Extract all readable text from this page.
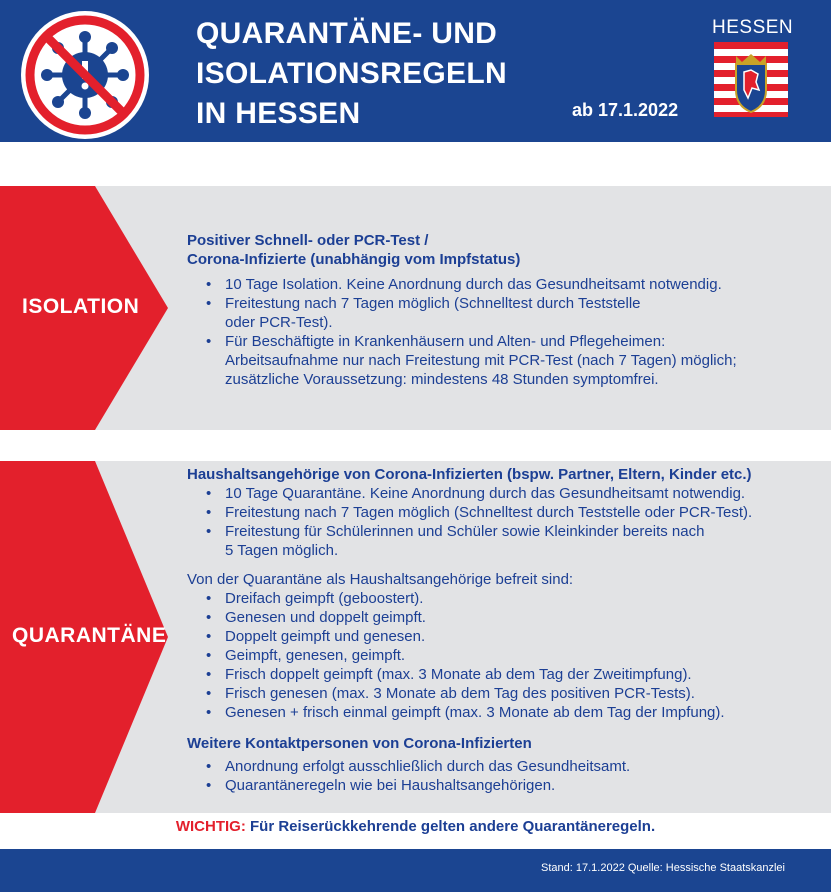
QUARANTÄNE- UND
ISOLATIONSREGELN
IN HESSEN	ab 17.1.2022
HESSEN
ISOLATION
Positiver Schnell- oder PCR-Test /
Corona-Infizierte (unabhängig vom Impfstatus)
• 10 Tage Isolation. Keine Anordnung durch das Gesundheitsamt notwendig.
• Freitestung nach 7 Tagen möglich (Schnelltest durch Teststelle
oder PCR-Test).
• Für Beschäftigte in Krankenhäusern und Alten- und Pflegeheimen:
Arbeitsaufnahme nur nach Freitestung mit PCR-Test (nach 7 Tagen) möglich;
zusätzliche Voraussetzung: mindestens 48 Stunden symptomfrei.
QUARANTÄNE
Haushaltsangehörige von Corona-Infizierten (bspw. Partner, Eltern, Kinder etc.)
• 10 Tage Quarantäne. Keine Anordnung durch das Gesundheitsamt notwendig.
• Freitestung nach 7 Tagen möglich (Schnelltest durch Teststelle oder PCR-Test).
• Freitestung für Schülerinnen und Schüler sowie Kleinkinder bereits nach
5 Tagen möglich.
Von der Quarantäne als Haushaltsangehörige befreit sind:
• Dreifach geimpft (geboostert).
• Genesen und doppelt geimpft.
• Doppelt geimpft und genesen.
• Geimpft, genesen, geimpft.
• Frisch doppelt geimpft (max. 3 Monate ab dem Tag der Zweitimpfung).
• Frisch genesen (max. 3 Monate ab dem Tag des positiven PCR-Tests).
• Genesen + frisch einmal geimpft (max. 3 Monate ab dem Tag der Impfung).
Weitere Kontaktpersonen von Corona-Infizierten
• Anordnung erfolgt ausschließlich durch das Gesundheitsamt.
• Quarantäneregeln wie bei Haushaltsangehörigen.
WICHTIG: Für Reiserückkehrende gelten andere Quarantäneregeln.
Stand: 17.1.2022 Quelle: Hessische Staatskanzlei
